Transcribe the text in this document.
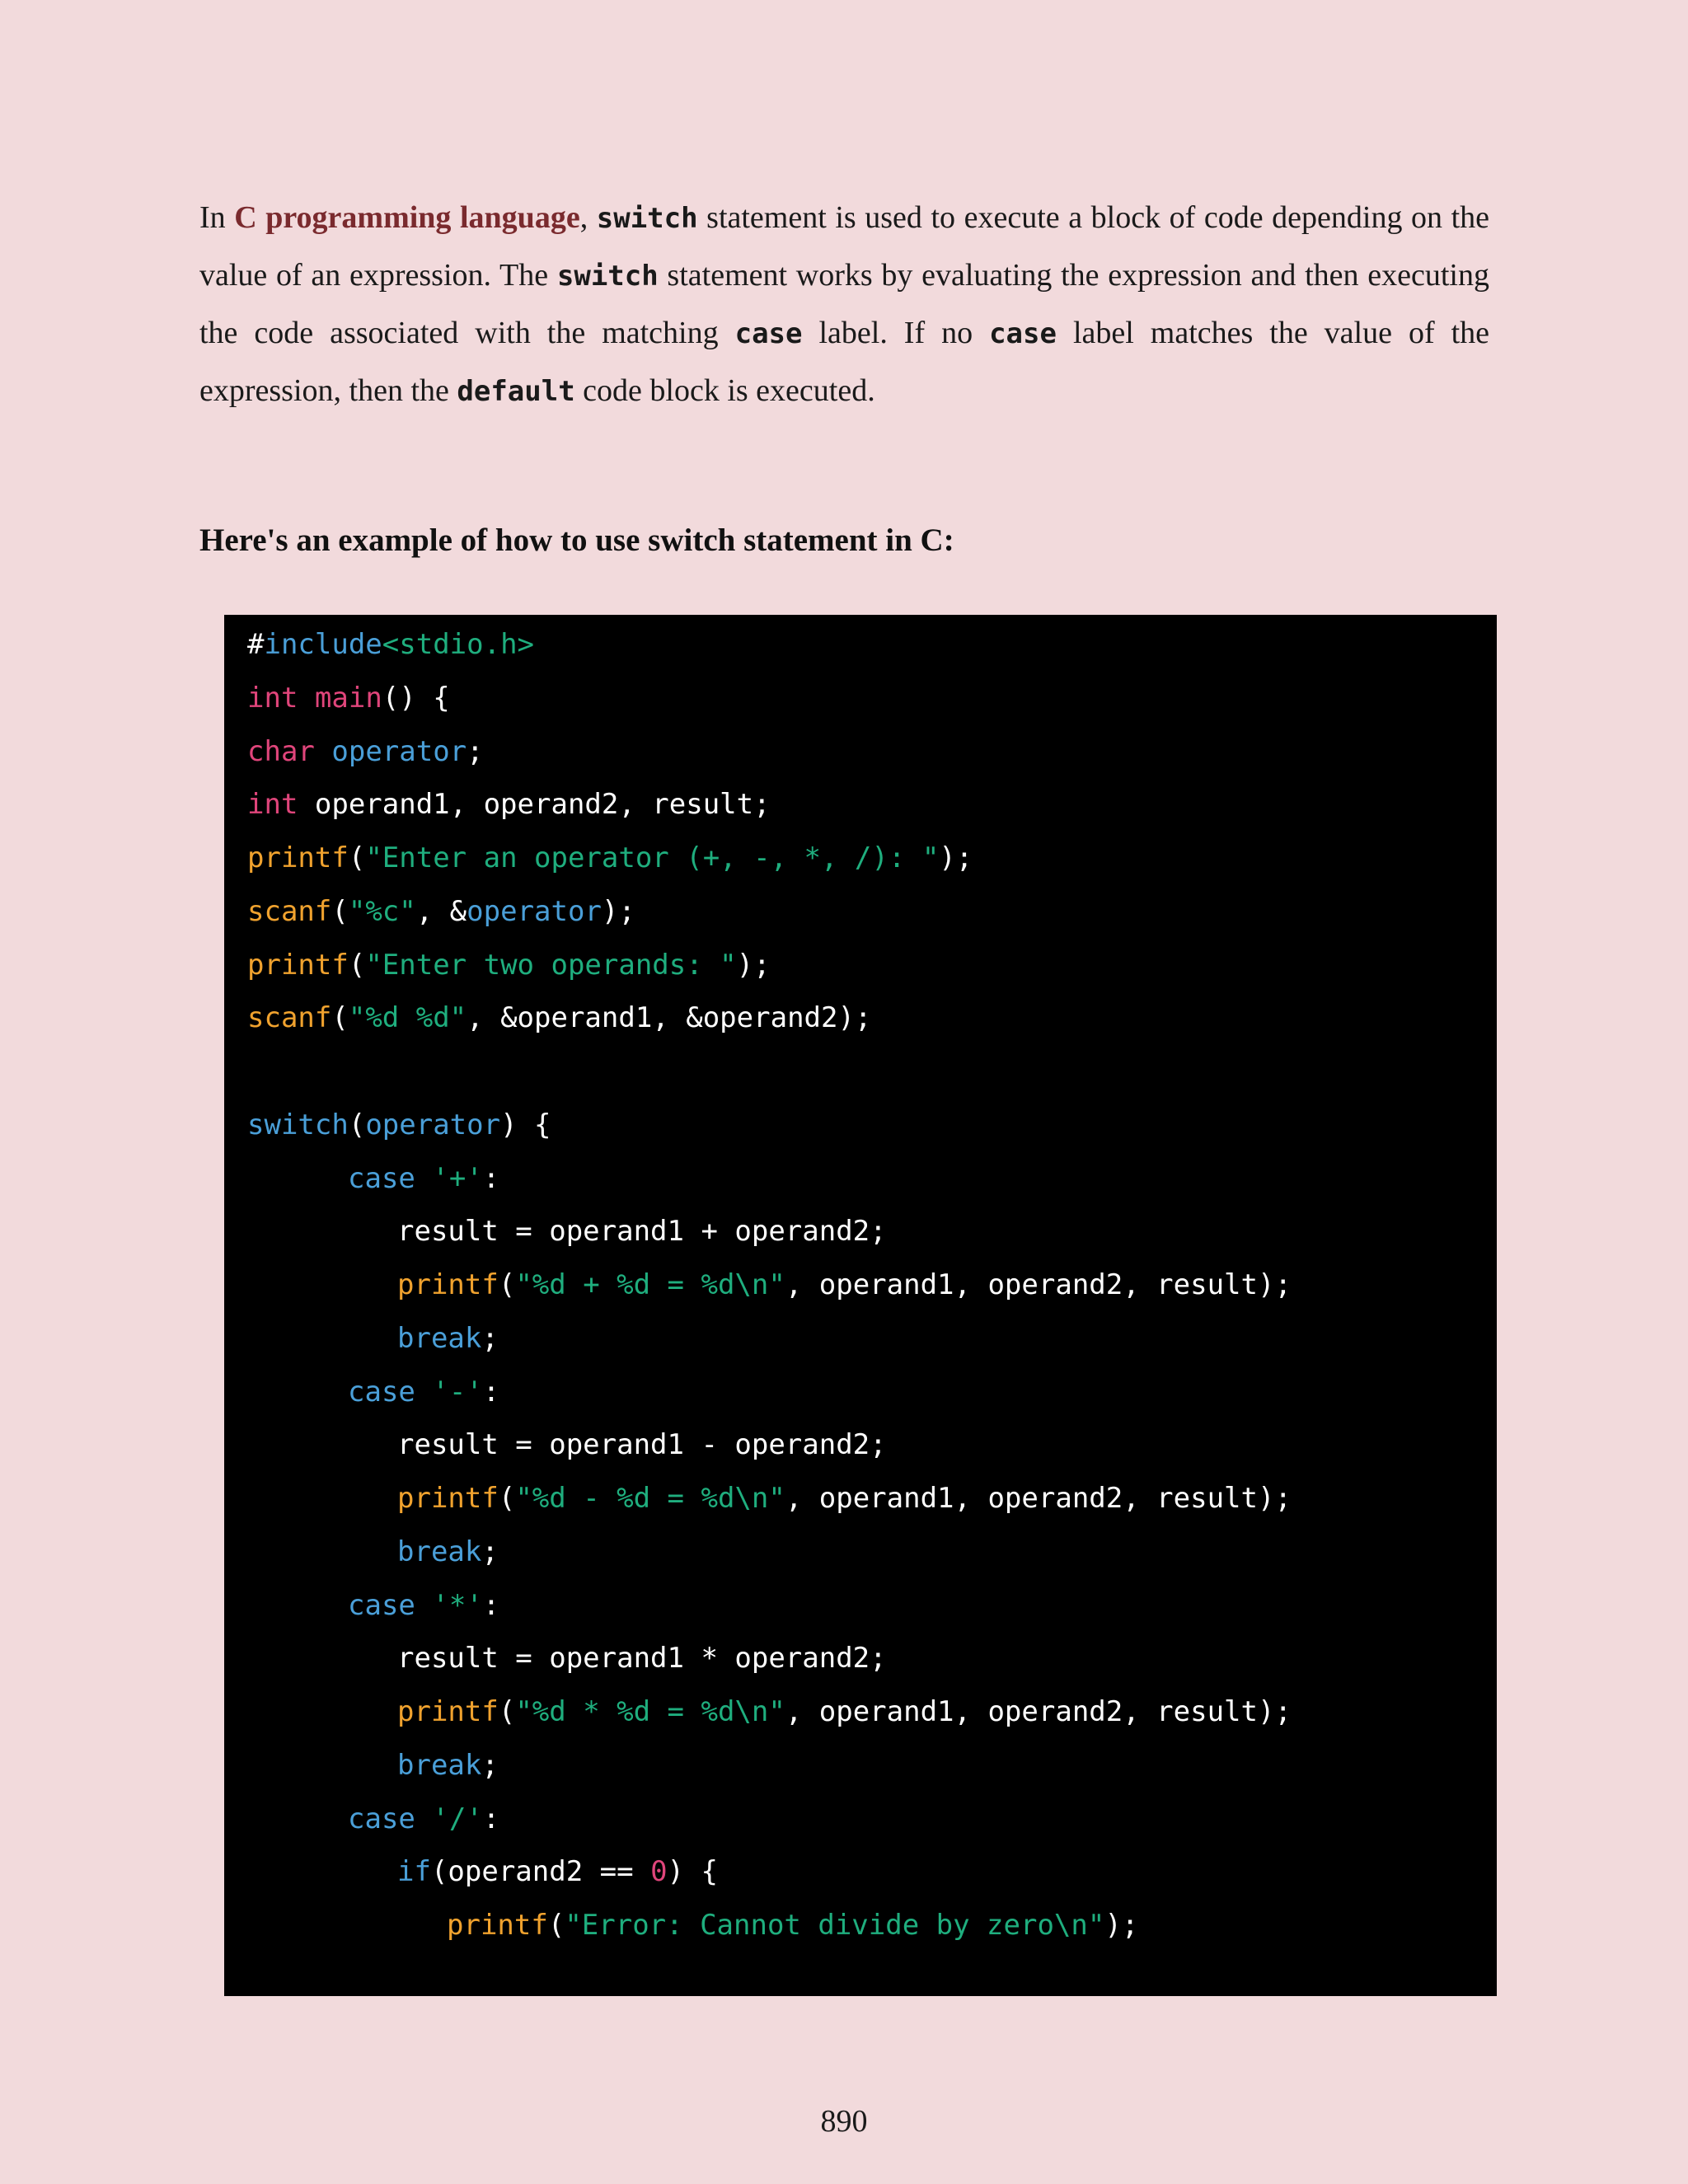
In C programming language, switch statement is used to execute a block of code depending on the value of an expression. The switch statement works by evaluating the expression and then executing the code associated with the matching case label. If no case label matches the value of the expression, then the default code block is executed.

Here's an example of how to use switch statement in C:
#include<stdio.h>
int main() {
char operator;
int operand1, operand2, result;
printf("Enter an operator (+, -, *, /): ");
scanf("%c", &operator);
printf("Enter two operands: ");
scanf("%d %d", &operand1, &operand2);
switch(operator) {
case '+':
result = operand1 + operand2;
printf("%d + %d = %d\n", operand1, operand2, result);
break;
case '-':
result = operand1 - operand2;
printf("%d - %d = %d\n", operand1, operand2, result);
break;
case '*':
result = operand1 * operand2;
printf("%d * %d = %d\n", operand1, operand2, result);
break;
case '/':
if(operand2 == 0) {
printf("Error: Cannot divide by zero\n");
890
